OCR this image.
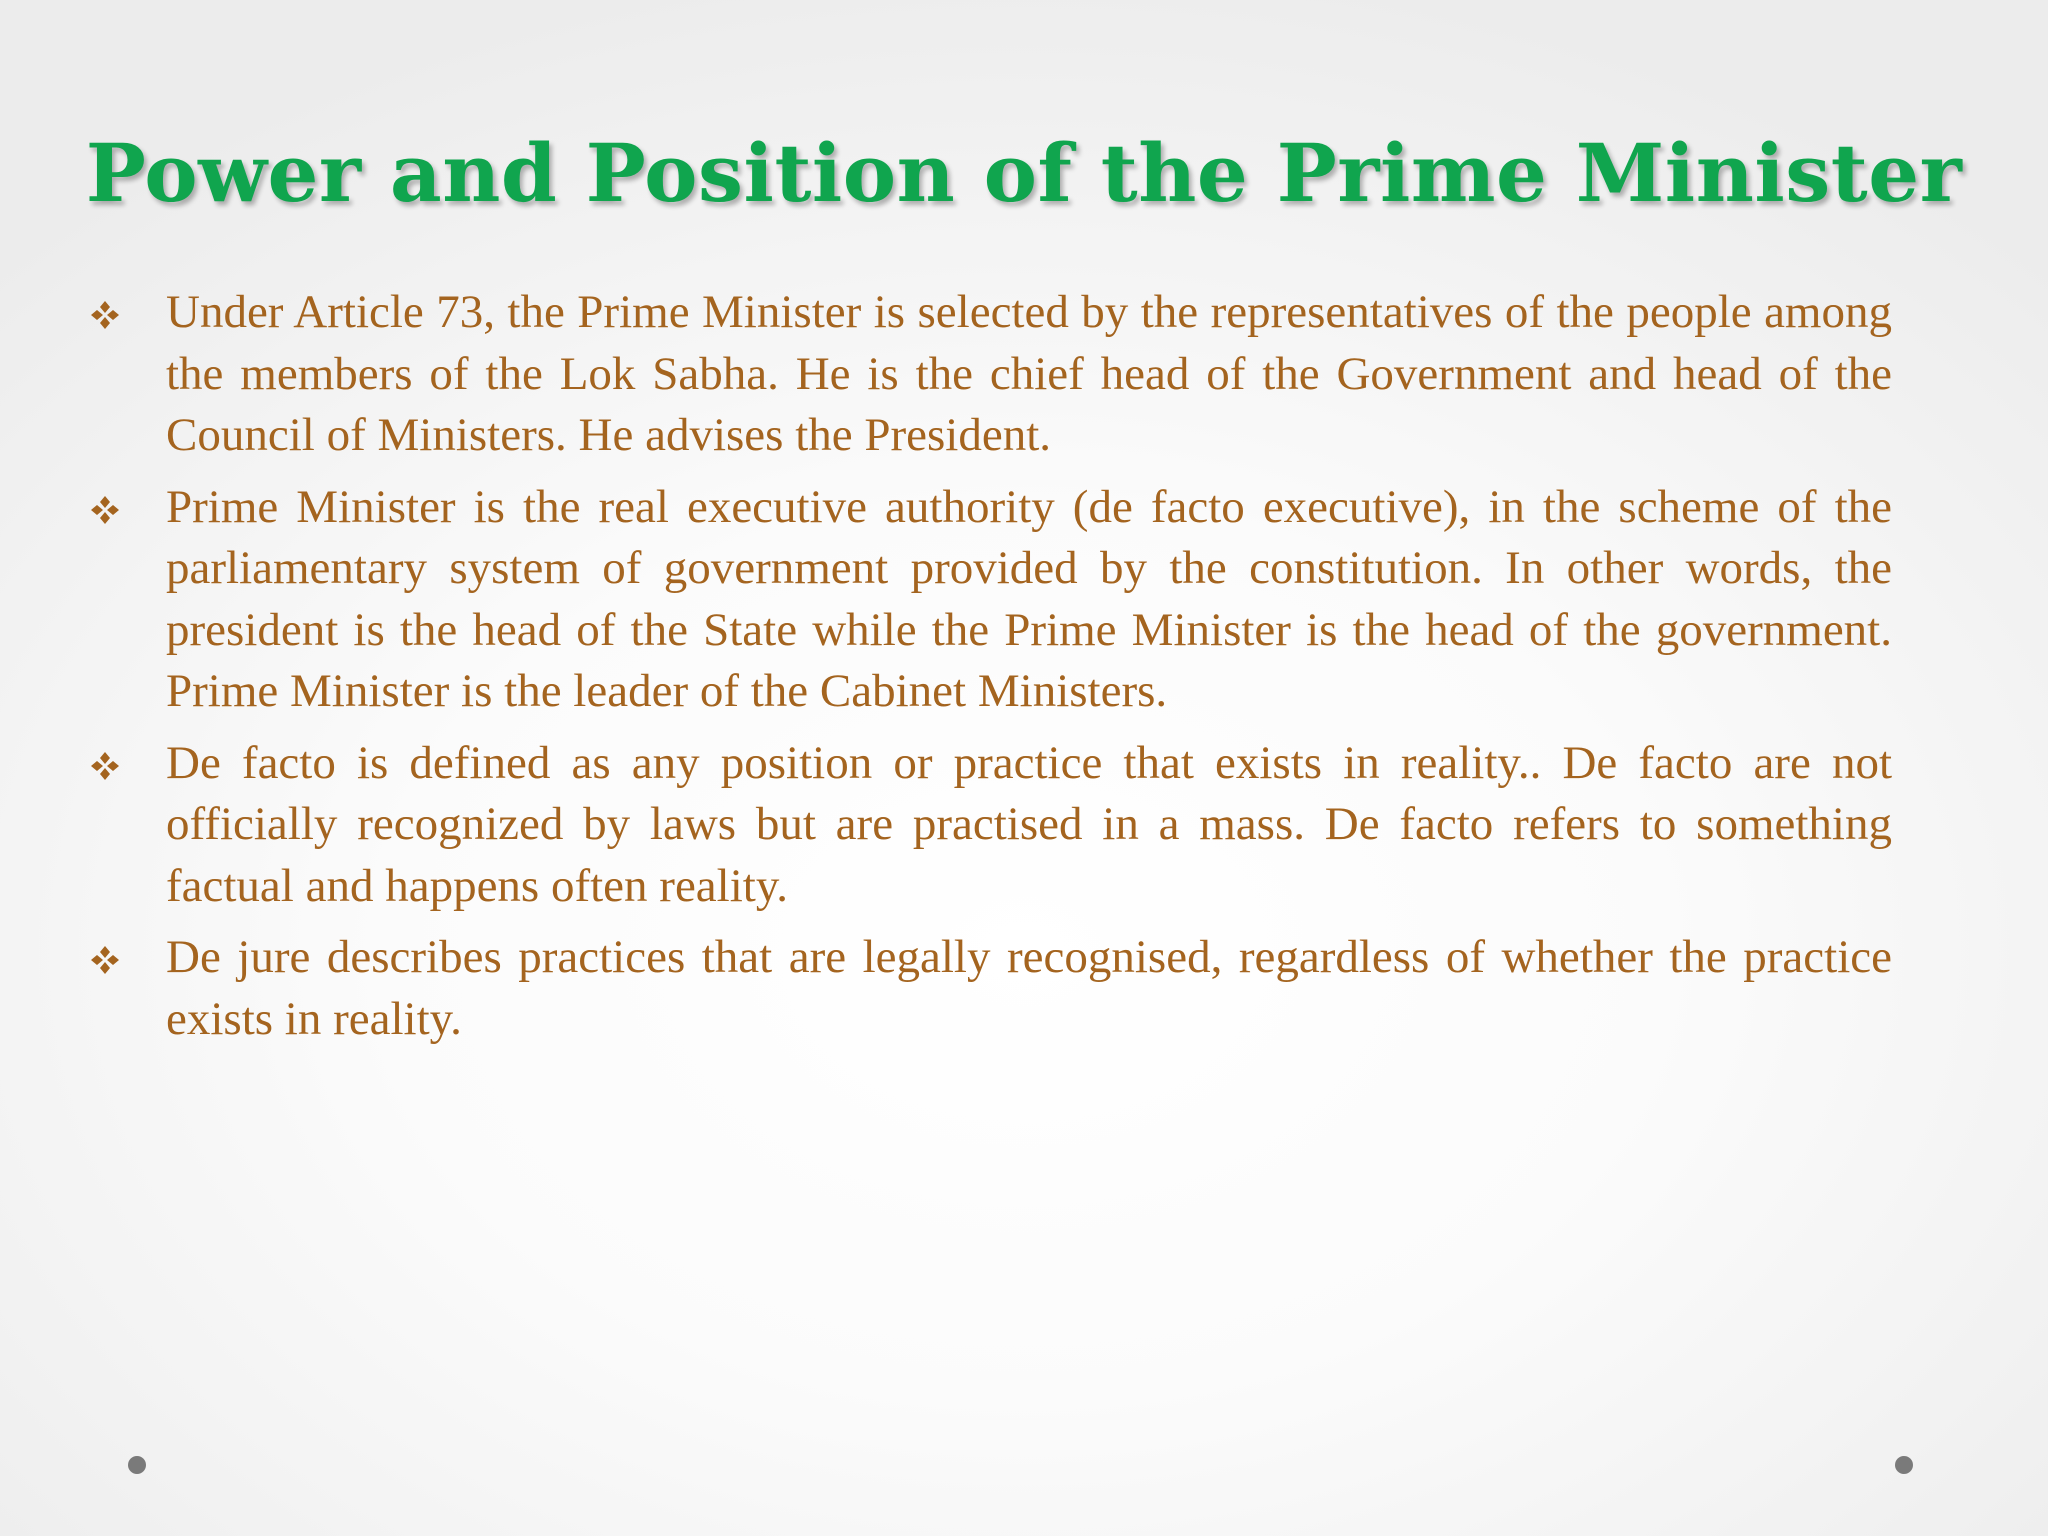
Power and Position of the Prime Minister
Under Article 73, the Prime Minister is selected by the representatives of the people among the members of the Lok Sabha. He is the chief head of the Government and head of the Council of Ministers. He advises the President.
Prime Minister is the real executive authority (de facto executive), in the scheme of the parliamentary system of government provided by the constitution. In other words, the president is the head of the State while the Prime Minister is the head of the government. Prime Minister is the leader of the Cabinet Ministers.
De facto is defined as any position or practice that exists in reality.. De facto are not officially recognized by laws but are practised in a mass. De facto refers to something factual and happens often reality.
De jure describes practices that are legally recognised, regardless of whether the practice exists in reality.
